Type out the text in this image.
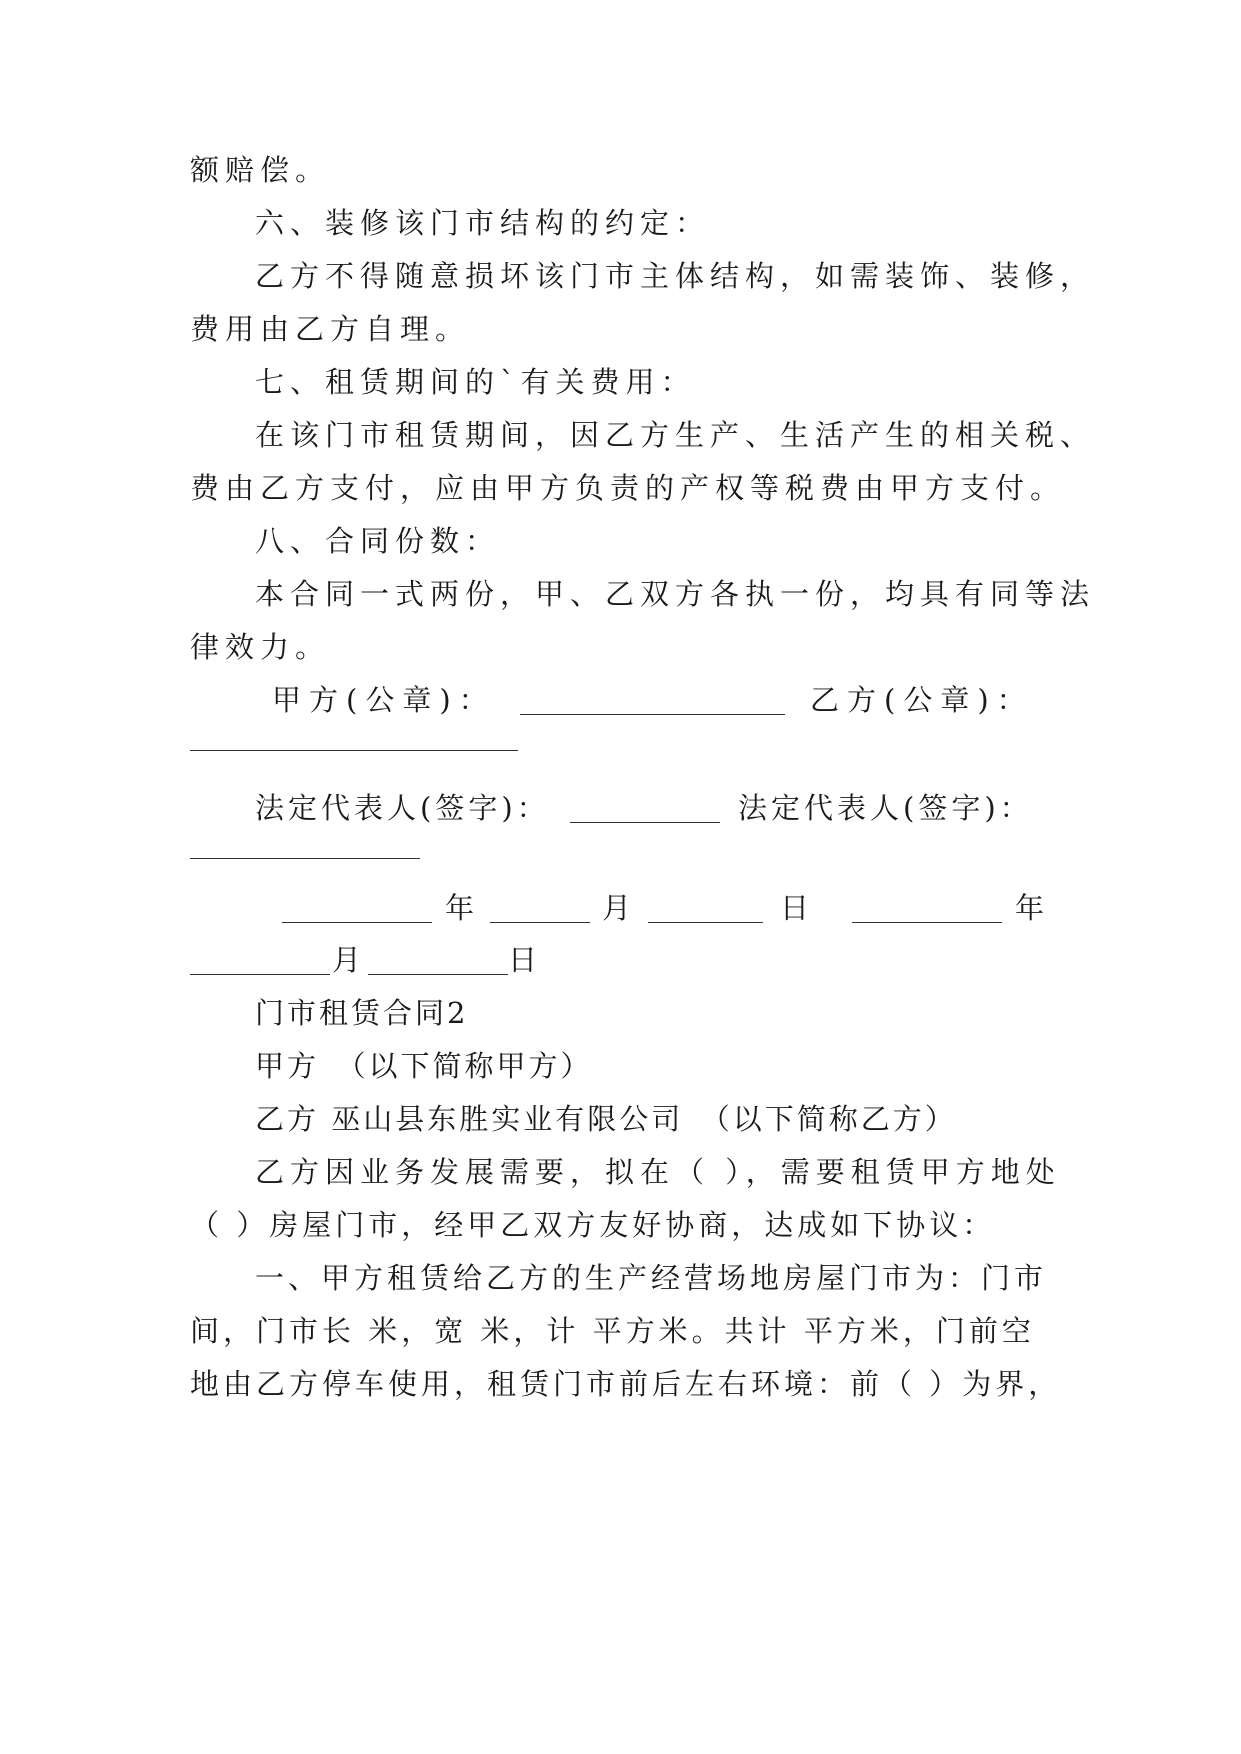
额赔偿。
六、装修该门市结构的约定：
乙方不得随意损坏该门市主体结构，如需装饰、装修，
费用由乙方自理。
七、租赁期间的`有关费用：
在该门市租赁期间，因乙方生产、生活产生的相关税、
费由乙方支付，应由甲方负责的产权等税费由甲方支付。
八、合同份数：
本合同一式两份，甲、乙双方各执一份，均具有同等法
律效力。
甲方(公章)：	乙方(公章)：
法定代表人(签字)：	法定代表人(签字)：
年	月	日	年
月	日
门市租赁合同2
甲方　（以下简称甲方）
乙方 巫山县东胜实业有限公司　（以下简称乙方）
乙方因业务发展需要，拟在（ ），需要租赁甲方地处
（ ）房屋门市，经甲乙双方友好协商，达成如下协议：
一、甲方租赁给乙方的生产经营场地房屋门市为：门市
间，门市长 米，宽 米，计 平方米。共计 平方米，门前空
地由乙方停车使用，租赁门市前后左右环境：前（ ）为界，
